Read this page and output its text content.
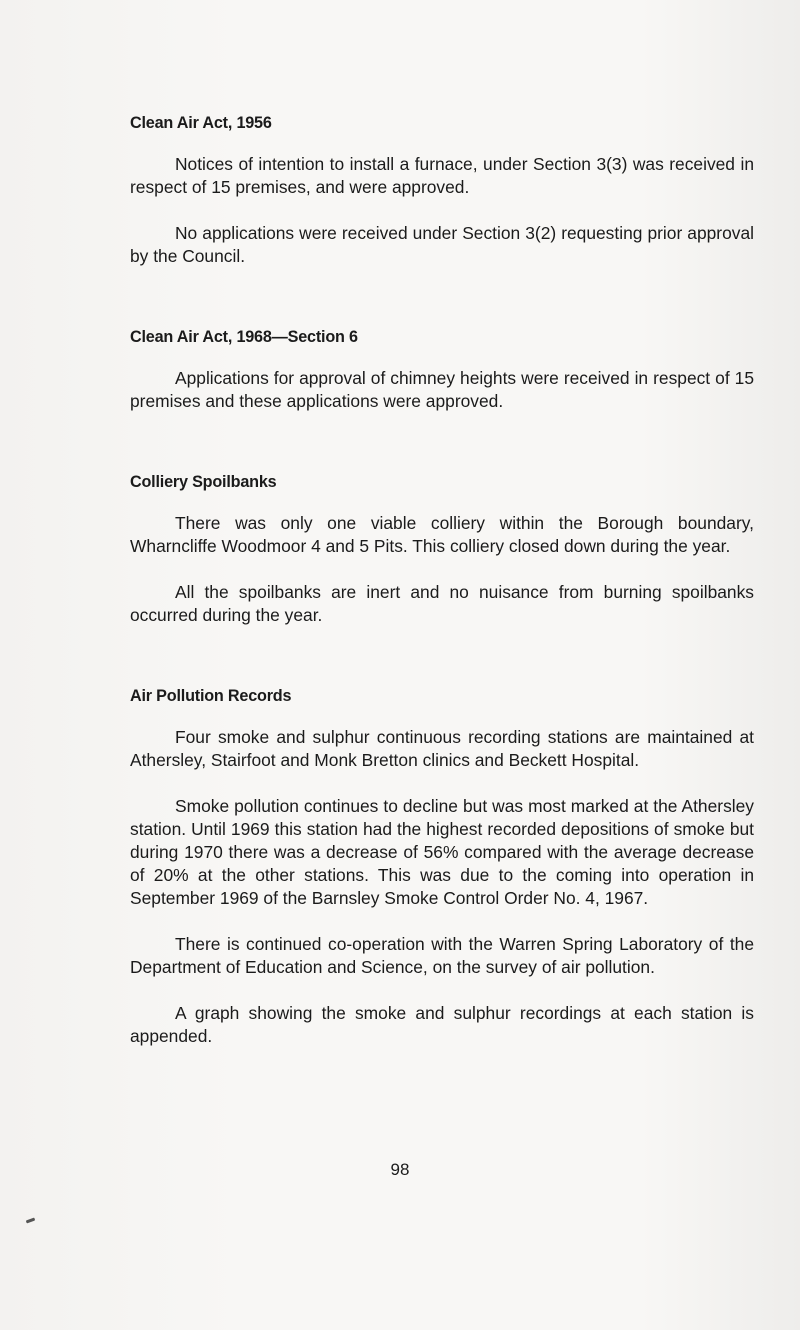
Clean Air Act, 1956

Notices of intention to install a furnace, under Section 3(3) was received in respect of 15 premises, and were approved.

No applications were received under Section 3(2) requesting prior approval by the Council.

Clean Air Act, 1968—Section 6

Applications for approval of chimney heights were received in respect of 15 premises and these applications were approved.

Colliery Spoilbanks

There was only one viable colliery within the Borough boundary, Wharncliffe Woodmoor 4 and 5 Pits. This colliery closed down during the year.

All the spoilbanks are inert and no nuisance from burning spoilbanks occurred during the year.

Air Pollution Records

Four smoke and sulphur continuous recording stations are maintained at Athersley, Stairfoot and Monk Bretton clinics and Beckett Hospital.

Smoke pollution continues to decline but was most marked at the Athersley station. Until 1969 this station had the highest recorded depositions of smoke but during 1970 there was a decrease of 56% compared with the average decrease of 20% at the other stations. This was due to the coming into operation in September 1969 of the Barnsley Smoke Control Order No. 4, 1967.

There is continued co-operation with the Warren Spring Laboratory of the Department of Education and Science, on the survey of air pollution.

A graph showing the smoke and sulphur recordings at each station is appended.

98
